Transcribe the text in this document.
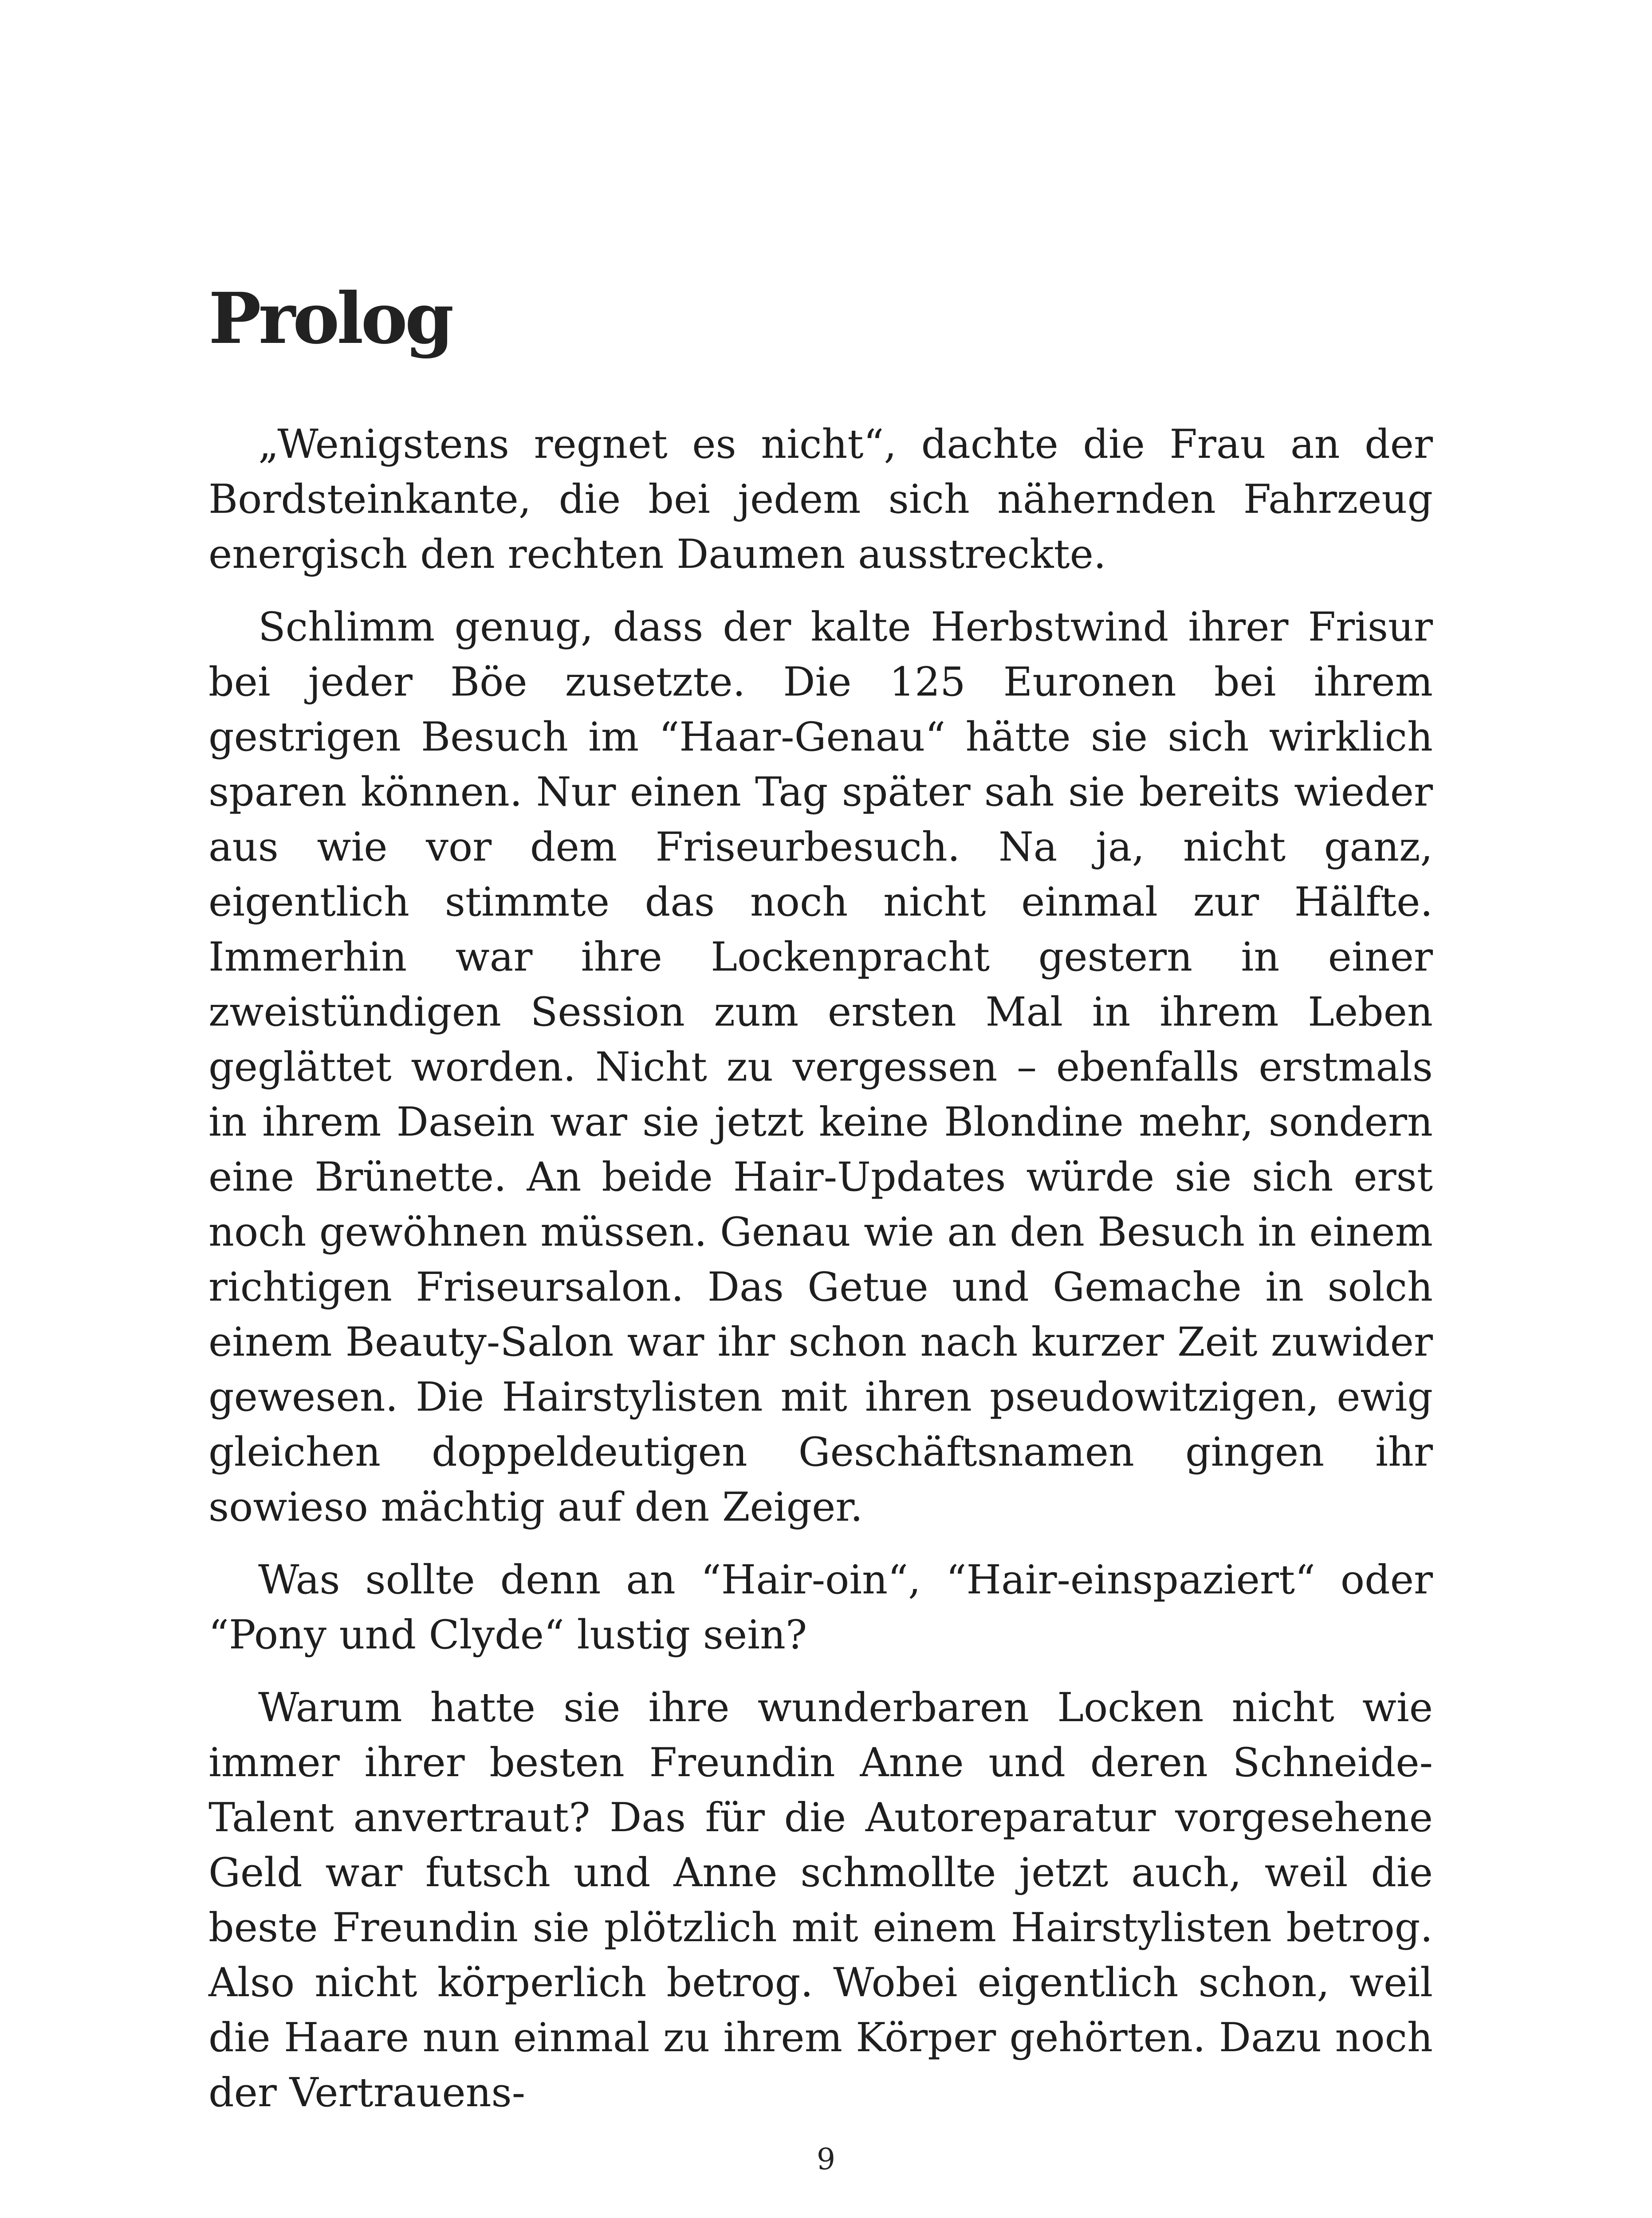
Prolog

„Wenigstens regnet es nicht“, dachte die Frau an der Bordsteinkante, die bei jedem sich nähernden Fahrzeug energisch den rechten Daumen ausstreckte.

Schlimm genug, dass der kalte Herbstwind ihrer Frisur bei jeder Böe zusetzte. Die 125 Euronen bei ihrem gestrigen Besuch im “Haar-Genau“ hätte sie sich wirklich sparen können. Nur einen Tag später sah sie bereits wieder aus wie vor dem Friseurbesuch. Na ja, nicht ganz, eigentlich stimmte das noch nicht einmal zur Hälfte. Immerhin war ihre Lockenpracht gestern in einer zweistündigen Session zum ersten Mal in ihrem Leben geglättet worden. Nicht zu vergessen – ebenfalls erstmals in ihrem Dasein war sie jetzt keine Blondine mehr, sondern eine Brünette. An beide Hair-Updates würde sie sich erst noch gewöhnen müssen. Genau wie an den Besuch in einem richtigen Friseursalon. Das Getue und Gemache in solch einem Beauty-Salon war ihr schon nach kurzer Zeit zuwider gewesen. Die Hairstylisten mit ihren pseudowitzigen, ewig gleichen doppeldeutigen Geschäftsnamen gingen ihr sowieso mächtig auf den Zeiger.

Was sollte denn an “Hair-oin“, “Hair-einspaziert“ oder “Pony und Clyde“ lustig sein?

Warum hatte sie ihre wunderbaren Locken nicht wie immer ihrer besten Freundin Anne und deren Schneide-Talent anvertraut? Das für die Autoreparatur vorgesehene Geld war futsch und Anne schmollte jetzt auch, weil die beste Freundin sie plötzlich mit einem Hairstylisten betrog. Also nicht körperlich betrog. Wobei eigentlich schon, weil die Haare nun einmal zu ihrem Körper gehörten. Dazu noch der Vertrauens-

9
